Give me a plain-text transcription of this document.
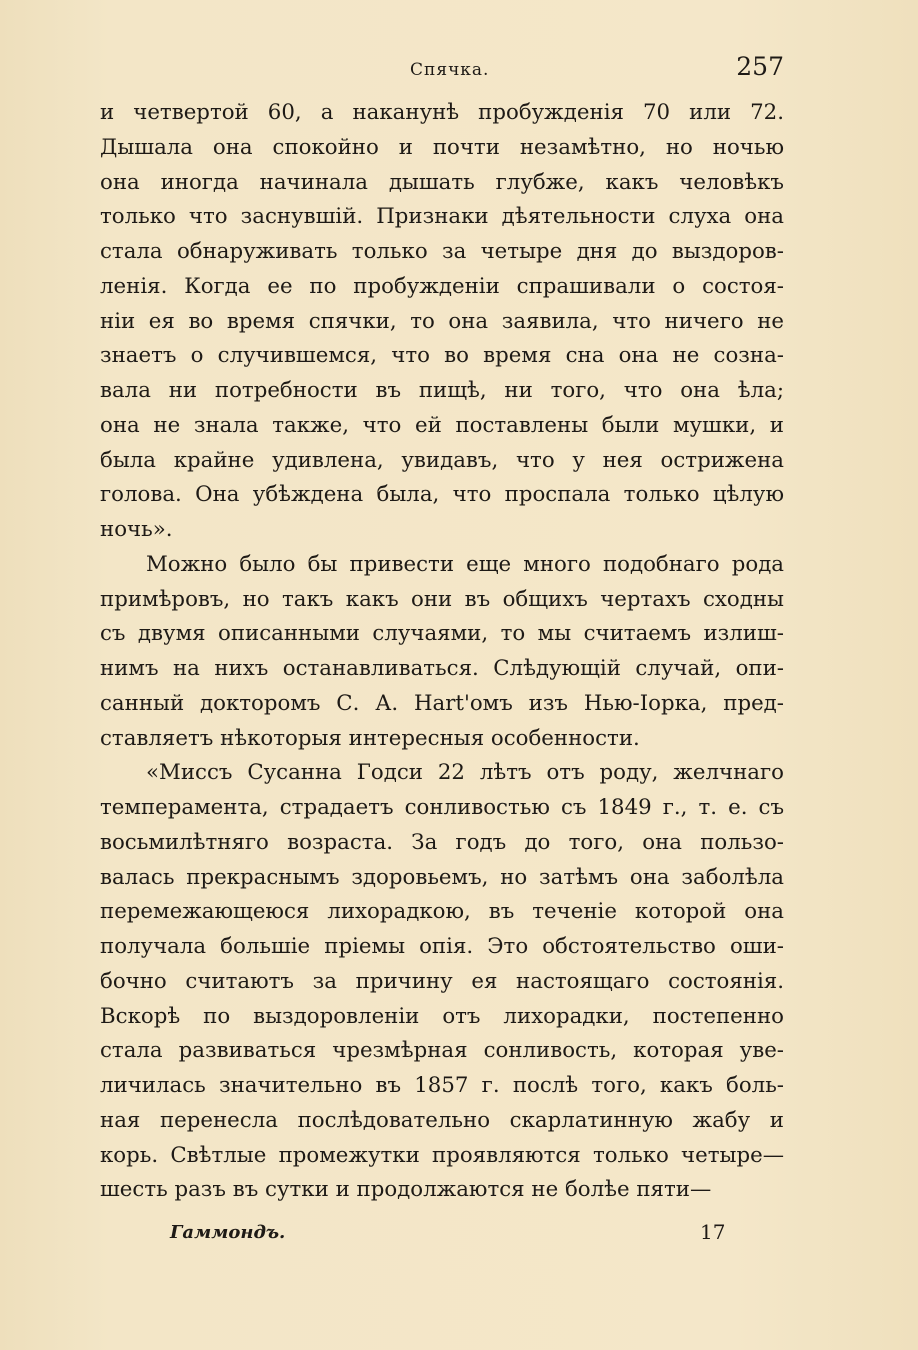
Спячка.	257
и четвертой 60, а наканунѣ пробужденія 70 или 72.
Дышала она спокойно и почти незамѣтно, но ночью
она иногда начинала дышать глубже, какъ человѣкъ
только что заснувшій. Признаки дѣятельности слуха она
стала обнаруживать только за четыре дня до выздоров-
ленія. Когда ее по пробужденіи спрашивали о состоя-
ніи ея во время спячки, то она заявила, что ничего не
знаетъ о случившемся, что во время сна она не созна-
вала ни потребности въ пищѣ, ни того, что она ѣла;
она не знала также, что ей поставлены были мушки, и
была крайне удивлена, увидавъ, что у нея острижена
голова. Она убѣждена была, что проспала только цѣлую
ночь».
Можно было бы привести еще много подобнаго рода
примѣровъ, но такъ какъ они въ общихъ чертахъ сходны
съ двумя описанными случаями, то мы считаемъ излиш-
нимъ на нихъ останавливаться. Слѣдующій случай, опи-
санный докторомъ С. А. Hart'омъ изъ Нью-Іорка, пред-
ставляетъ нѣкоторыя интересныя особенности.
«Миссъ Сусанна Годси 22 лѣтъ отъ роду, желчнаго
темперамента, страдаетъ сонливостью съ 1849 г., т. е. съ
восьмилѣтняго возраста. За годъ до того, она пользо-
валась прекраснымъ здоровьемъ, но затѣмъ она заболѣла
перемежающеюся лихорадкою, въ теченіе которой она
получала большіе пріемы опія. Это обстоятельство оши-
бочно считаютъ за причину ея настоящаго состоянія.
Вскорѣ по выздоровленіи отъ лихорадки, постепенно
стала развиваться чрезмѣрная сонливость, которая уве-
личилась значительно въ 1857 г. послѣ того, какъ боль-
ная перенесла послѣдовательно скарлатинную жабу и
корь. Свѣтлые промежутки проявляются только четыре—
шесть разъ въ сутки и продолжаются не болѣе пяти—
Гаммондъ.	17
